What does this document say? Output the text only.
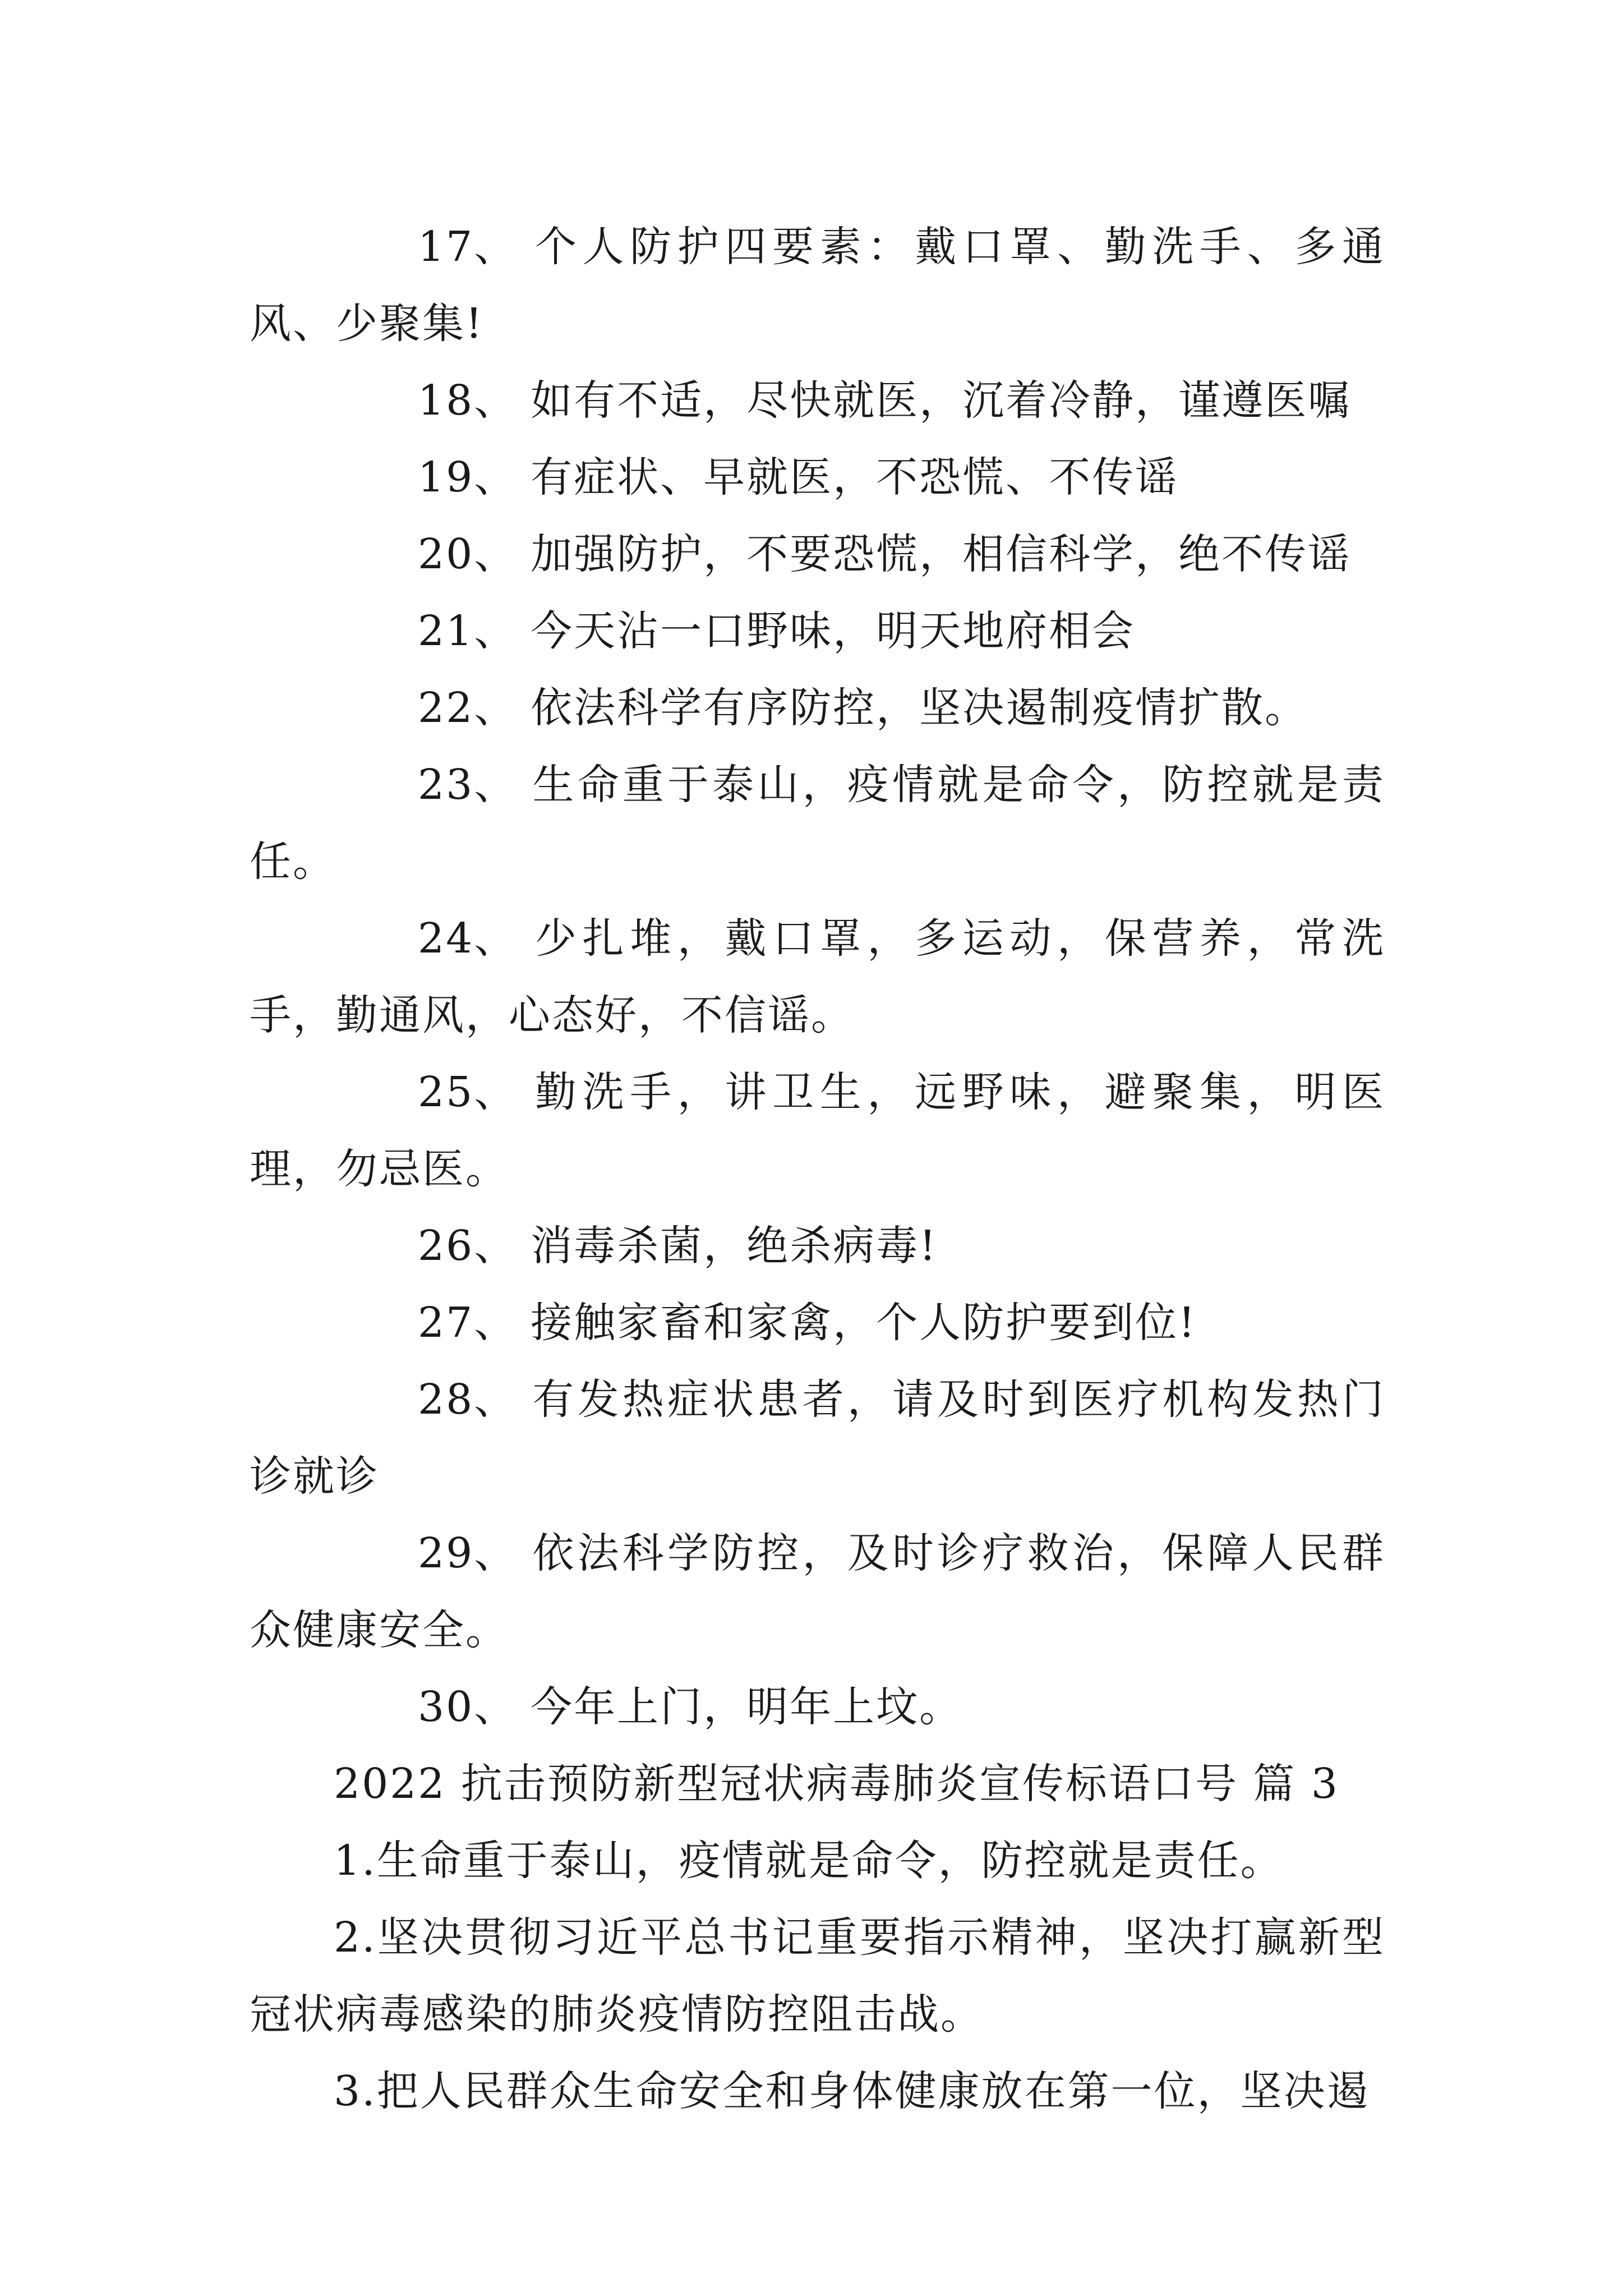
17、 个人防护四要素：戴口罩、勤洗手、多通风、少聚集!

18、 如有不适，尽快就医，沉着冷静，谨遵医嘱

19、 有症状、早就医，不恐慌、不传谣

20、 加强防护，不要恐慌，相信科学，绝不传谣

21、 今天沾一口野味，明天地府相会

22、 依法科学有序防控，坚决遏制疫情扩散。

23、 生命重于泰山，疫情就是命令，防控就是责任。

24、 少扎堆，戴口罩，多运动，保营养，常洗手，勤通风，心态好，不信谣。

25、 勤洗手，讲卫生，远野味，避聚集，明医理，勿忌医。

26、 消毒杀菌，绝杀病毒!

27、 接触家畜和家禽，个人防护要到位!

28、 有发热症状患者，请及时到医疗机构发热门诊就诊

29、 依法科学防控，及时诊疗救治，保障人民群众健康安全。

30、 今年上门，明年上坟。

2022 抗击预防新型冠状病毒肺炎宣传标语口号 篇 3

1.生命重于泰山，疫情就是命令，防控就是责任。

2.坚决贯彻习近平总书记重要指示精神，坚决打赢新型冠状病毒感染的肺炎疫情防控阻击战。

3.把人民群众生命安全和身体健康放在第一位，坚决遏
